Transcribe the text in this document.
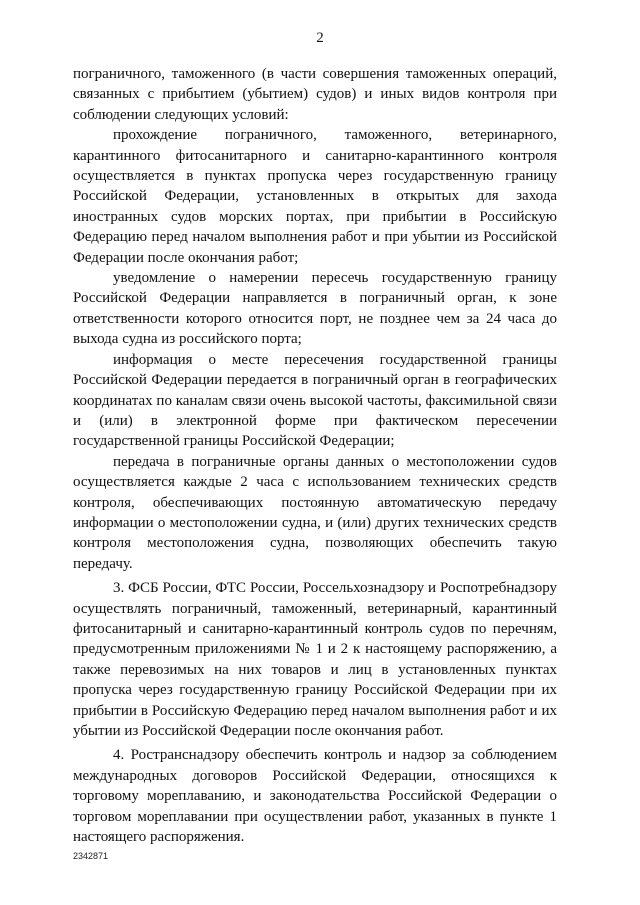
2

пограничного, таможенного (в части совершения таможенных операций, связанных с прибытием (убытием) судов) и иных видов контроля при соблюдении следующих условий:

прохождение пограничного, таможенного, ветеринарного, карантинного фитосанитарного и санитарно-карантинного контроля осуществляется в пунктах пропуска через государственную границу Российской Федерации, установленных в открытых для захода иностранных судов морских портах, при прибытии в Российскую Федерацию перед началом выполнения работ и при убытии из Российской Федерации после окончания работ;

уведомление о намерении пересечь государственную границу Российской Федерации направляется в пограничный орган, к зоне ответственности которого относится порт, не позднее чем за 24 часа до выхода судна из российского порта;

информация о месте пересечения государственной границы Российской Федерации передается в пограничный орган в географических координатах по каналам связи очень высокой частоты, факсимильной связи и (или) в электронной форме при фактическом пересечении государственной границы Российской Федерации;

передача в пограничные органы данных о местоположении судов осуществляется каждые 2 часа с использованием технических средств контроля, обеспечивающих постоянную автоматическую передачу информации о местоположении судна, и (или) других технических средств контроля местоположения судна, позволяющих обеспечить такую передачу.

3. ФСБ России, ФТС России, Россельхознадзору и Роспотребнадзору осуществлять пограничный, таможенный, ветеринарный, карантинный фитосанитарный и санитарно-карантинный контроль судов по перечням, предусмотренным приложениями № 1 и 2 к настоящему распоряжению, а также перевозимых на них товаров и лиц в установленных пунктах пропуска через государственную границу Российской Федерации при их прибытии в Российскую Федерацию перед началом выполнения работ и их убытии из Российской Федерации после окончания работ.

4. Ространснадзору обеспечить контроль и надзор за соблюдением международных договоров Российской Федерации, относящихся к торговому мореплаванию, и законодательства Российской Федерации о торговом мореплавании при осуществлении работ, указанных в пункте 1 настоящего распоряжения.

2342871
